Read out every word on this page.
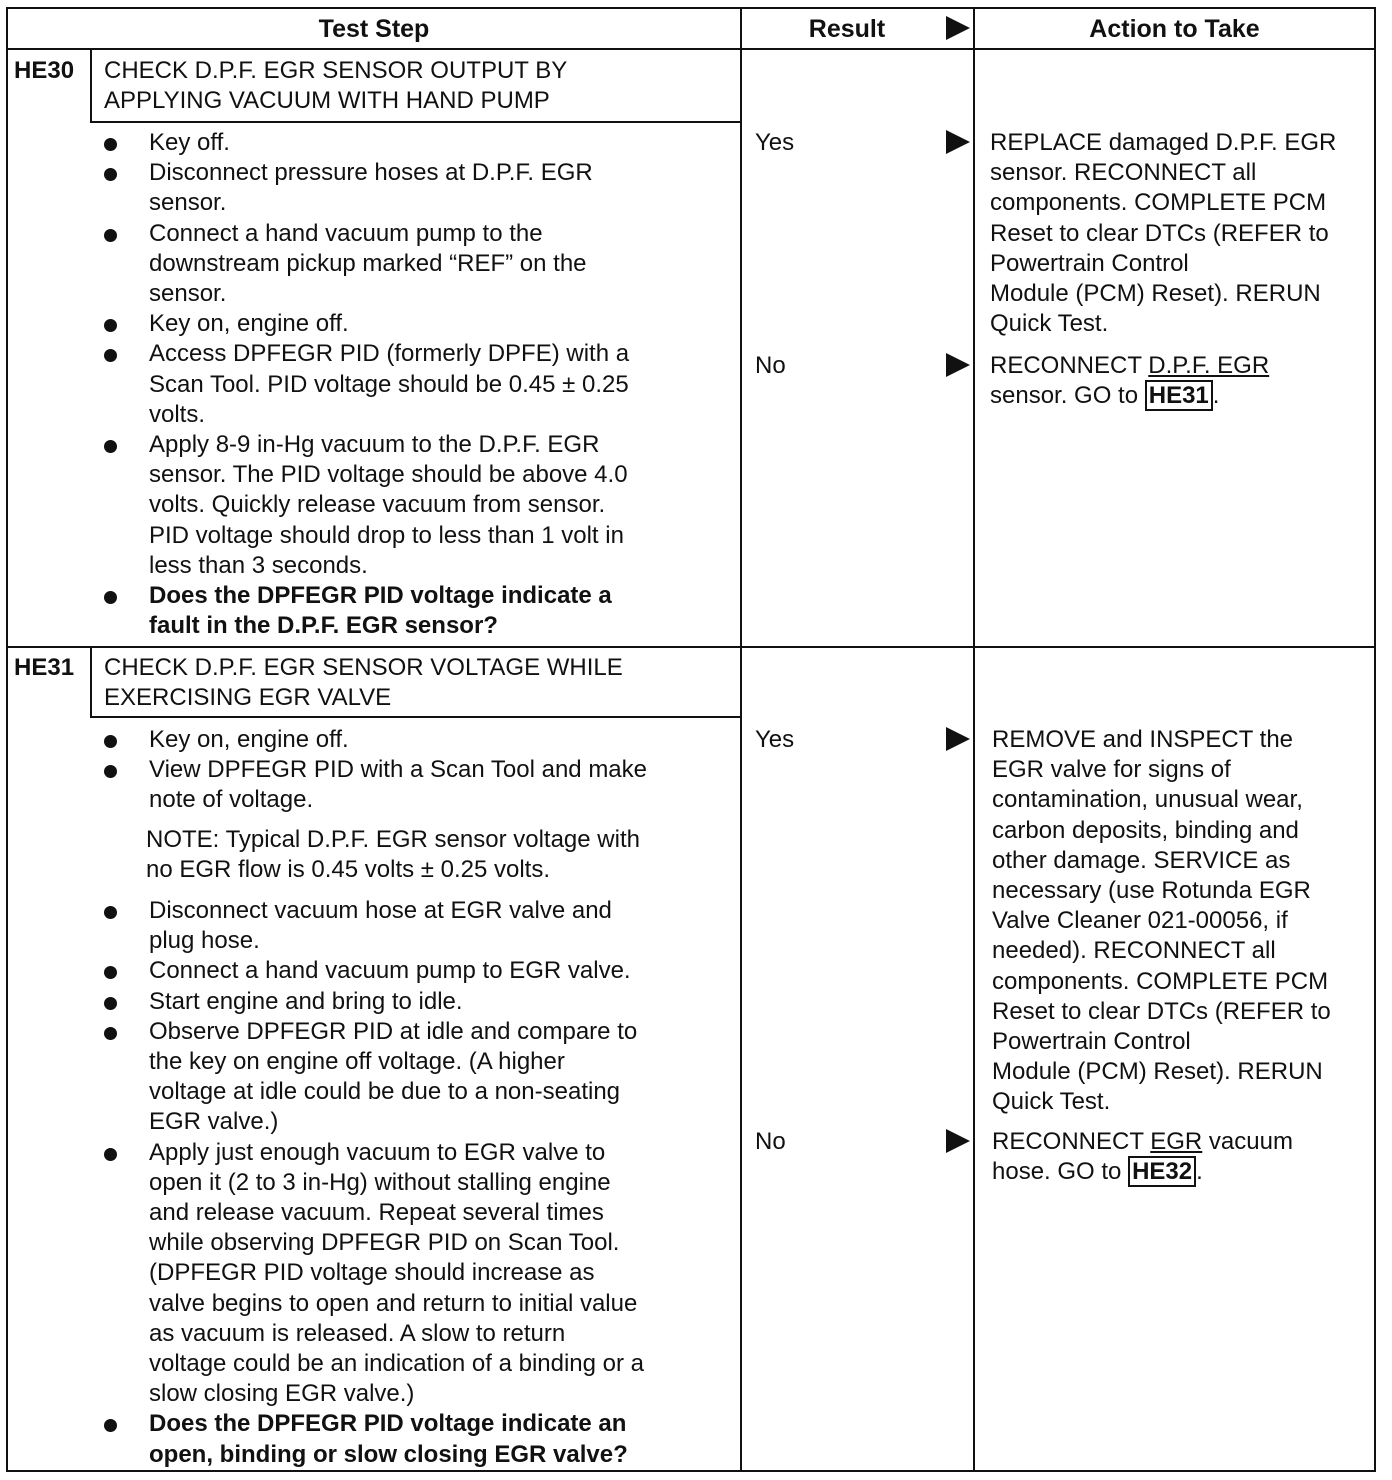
Test Step	Result	Action to Take
HE30 CHECK D.P.F. EGR SENSOR OUTPUT BY
APPLYING VACUUM WITH HAND PUMP
Key off.
Disconnect pressure hoses at D.P.F. EGR
sensor.
Connect a hand vacuum pump to the
downstream pickup marked “REF” on the
sensor.
Key on, engine off.
Access DPFEGR PID (formerly DPFE) with a
Scan Tool. PID voltage should be 0.45 ± 0.25
volts.
Apply 8-9 in-Hg vacuum to the D.P.F. EGR
sensor. The PID voltage should be above 4.0
volts. Quickly release vacuum from sensor.
PID voltage should drop to less than 1 volt in
less than 3 seconds.
Does the DPFEGR PID voltage indicate a
fault in the D.P.F. EGR sensor?
Yes
No
REPLACE damaged D.P.F. EGR
sensor. RECONNECT all
components. COMPLETE PCM
Reset to clear DTCs (REFER to
Powertrain Control
Module (PCM) Reset). RERUN
Quick Test.
RECONNECT D.P.F. EGR
sensor. GO to HE31 .
HE31 CHECK D.P.F. EGR SENSOR VOLTAGE WHILE
EXERCISING EGR VALVE
Key on, engine off.
View DPFEGR PID with a Scan Tool and make
note of voltage.
NOTE: Typical D.P.F. EGR sensor voltage with
no EGR flow is 0.45 volts ± 0.25 volts.
Disconnect vacuum hose at EGR valve and
plug hose.
Connect a hand vacuum pump to EGR valve.
Start engine and bring to idle.
Observe DPFEGR PID at idle and compare to
the key on engine off voltage. (A higher
voltage at idle could be due to a non-seating
EGR valve.)
Apply just enough vacuum to EGR valve to
open it (2 to 3 in-Hg) without stalling engine
and release vacuum. Repeat several times
while observing DPFEGR PID on Scan Tool.
(DPFEGR PID voltage should increase as
valve begins to open and return to initial value
as vacuum is released. A slow to return
voltage could be an indication of a binding or a
slow closing EGR valve.)
Does the DPFEGR PID voltage indicate an
open, binding or slow closing EGR valve?
Yes
No
REMOVE and INSPECT the
EGR valve for signs of
contamination, unusual wear,
carbon deposits, binding and
other damage. SERVICE as
necessary (use Rotunda EGR
Valve Cleaner 021-00056, if
needed). RECONNECT all
components. COMPLETE PCM
Reset to clear DTCs (REFER to
Powertrain Control
Module (PCM) Reset). RERUN
Quick Test.
RECONNECT EGR vacuum
hose. GO to HE32 .
